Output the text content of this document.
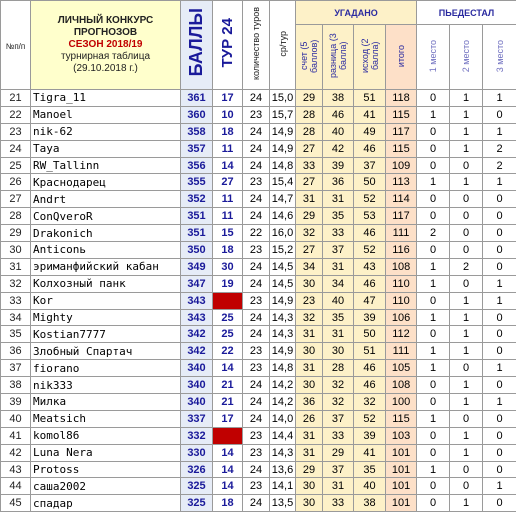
№п/п	ЛИЧНЫЙ КОНКУРС
ПРОГНОЗОВ
СЕЗОН 2018/19
турнирная таблица
(29.10.2018 г.)	БАЛЛЫ	ТУР 24	количество туров	ср/тур	УГАДАНО				ПЬЕДЕСТАЛ		
						счет (5 баллов)	разница (3 балла)	исход (2 балла)	итого	1 место	2 место	3 место
21	Tigra_11	361	17	24	15,0	29	38	51	118	0	1	1
22	Manoel	360	10	23	15,7	28	46	41	115	1	1	0
23	nik-62	358	18	24	14,9	28	40	49	117	0	1	1
24	Taya	357	11	24	14,9	27	42	46	115	0	1	2
25	RW_Tallinn	356	14	24	14,8	33	39	37	109	0	0	2
26	Краснодарец	355	27	23	15,4	27	36	50	113	1	1	1
27	Andrt	352	11	24	14,7	31	31	52	114	0	0	0
28	ConQveroR	351	11	24	14,6	29	35	53	117	0	0	0
29	Drakonich	351	15	22	16,0	32	33	46	111	2	0	0
30	Anticonь	350	18	23	15,2	27	37	52	116	0	0	0
31	эриманфийский кабан	349	30	24	14,5	34	31	43	108	1	2	0
32	Колхозный панк	347	19	24	14,5	30	34	46	110	1	0	1
33	Kor	343		23	14,9	23	40	47	110	0	1	1
34	Mighty	343	25	24	14,3	32	35	39	106	1	1	0
35	Kostian7777	342	25	24	14,3	31	31	50	112	0	1	0
36	Злобный Спартач	342	22	23	14,9	30	30	51	111	1	1	0
37	fiorano	340	14	23	14,8	31	28	46	105	1	0	1
38	nik333	340	21	24	14,2	30	32	46	108	0	1	0
39	Милка	340	21	24	14,2	36	32	32	100	0	1	1
40	Meatsich	337	17	24	14,0	26	37	52	115	1	0	0
41	komol86	332		23	14,4	31	33	39	103	0	1	0
42	Luna Nera	330	14	23	14,3	31	29	41	101	0	1	0
43	Protoss	326	14	24	13,6	29	37	35	101	1	0	0
44	саша2002	325	14	23	14,1	30	31	40	101	0	0	1
45	спадар	325	18	24	13,5	30	33	38	101	0	1	0
